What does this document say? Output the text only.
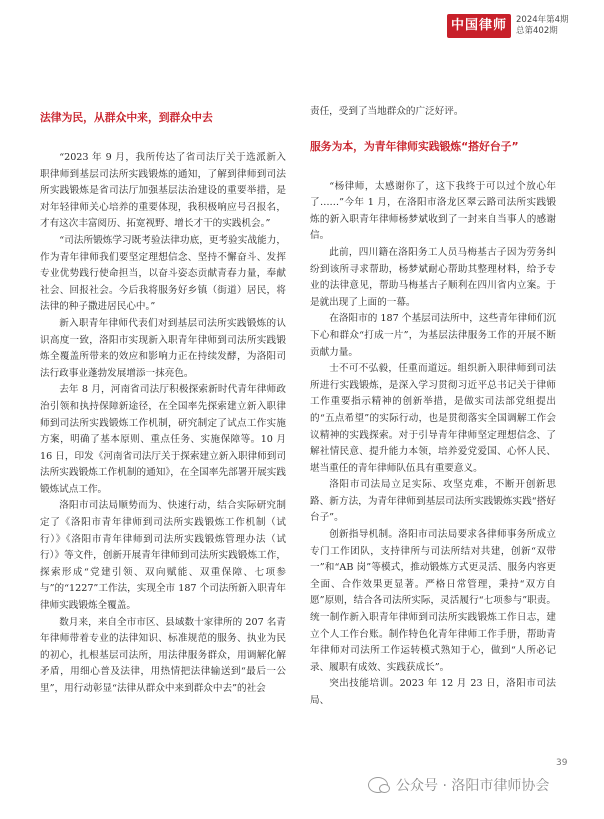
中国律师	2024年第4期
总第402期
法律为民，从群众中来，到群众中去

“2023 年 9 月，我所传达了省司法厅关于选派新入职律师到基层司法所实践锻炼的通知，了解到律师到司法所实践锻炼是省司法厅加强基层法治建设的重要举措，是对年轻律师关心培养的重要体现，我积极响应号召报名，才有这次丰富阅历、拓宽视野、增长才干的实践机会。”

“司法所锻炼学习既考验法律功底，更考验实战能力，作为青年律师我们要坚定理想信念、坚持不懈奋斗、发挥专业优势践行使命担当，以奋斗姿态贡献青春力量，奉献社会、回报社会。今后我将服务好乡镇（街道）居民，将法律的种子撒进居民心中。”

新入职青年律师代表们对到基层司法所实践锻炼的认识高度一致，洛阳市实现新入职青年律师到司法所实践锻炼全覆盖所带来的效应和影响力正在持续发酵，为洛阳司法行政事业蓬勃发展增添一抹亮色。

去年 8 月，河南省司法厅积极探索新时代青年律师政治引领和执持保障新途径，在全国率先探索建立新入职律师到司法所实践锻炼工作机制，研究制定了试点工作实施方案，明确了基本原则、重点任务、实施保障等。10 月 16 日，印发《河南省司法厅关于探索建立新入职律师到司法所实践锻炼工作机制的通知》，在全国率先部署开展实践锻炼试点工作。

洛阳市司法局顺势而为、快速行动，结合实际研究制定了《洛阳市青年律师到司法所实践锻炼工作机制（试行）》《洛阳市青年律师到司法所实践锻炼管理办法（试行）》等文件，创新开展青年律师到司法所实践锻炼工作，探索形成“党建引领、双向赋能、双重保障、七项参与”的“1227”工作法，实现全市 187 个司法所新入职青年律师实践锻炼全覆盖。

数月来，来自全市市区、县域数十家律所的 207 名青年律师带着专业的法律知识、标准规范的服务、执业为民的初心，扎根基层司法所，用法律服务群众，用调解化解矛盾，用细心普及法律，用热情把法律输送到“最后一公里”，用行动彰显“法律从群众中来到群众中去”的社会

责任，受到了当地群众的广泛好评。

服务为本，为青年律师实践锻炼“搭好台子”

“杨律师，太感谢你了，这下我终于可以过个放心年了……”今年 1 月，在洛阳市洛龙区翠云路司法所实践锻炼的新入职青年律师杨梦斌收到了一封来自当事人的感谢信。

此前，四川籍在洛阳务工人员马梅基古子因为劳务纠纷到该所寻求帮助，杨梦斌耐心帮助其整理材料，给予专业的法律意见，帮助马梅基古子顺利在四川省内立案。于是就出现了上面的一幕。

在洛阳市的 187 个基层司法所中，这些青年律师们沉下心和群众“打成一片”，为基层法律服务工作的开展不断贡献力量。

士不可不弘毅，任重而道远。组织新入职律师到司法所进行实践锻炼，是深入学习贯彻习近平总书记关于律师工作重要指示精神的创新举措，是做实司法部党组提出的“五点希望”的实际行动，也是贯彻落实全国调解工作会议精神的实践探索。对于引导青年律师坚定理想信念、了解社情民意、提升能力本领，培养爱党爱国、心怀人民、堪当重任的青年律师队伍具有重要意义。

洛阳市司法局立足实际、攻坚克难，不断开创新思路、新方法，为青年律师到基层司法所实践锻炼实践“搭好台子”。

创新指导机制。洛阳市司法局要求各律师事务所成立专门工作团队，支持律所与司法所结对共建，创新“双带一”和“AB 岗”等模式，推动锻炼方式更灵活、服务内容更全面、合作效果更显著。严格日常管理，秉持“双方自愿”原则，结合各司法所实际，灵活履行“七项参与”职责。统一制作新入职青年律师到司法所实践锻炼工作日志，建立个人工作台账。制作特色化青年律师工作手册，帮助青年律师对司法所工作运转模式熟知于心，做到“人所必记录、履职有成效、实践获成长”。

突出技能培训。2023 年 12 月 23 日，洛阳市司法局、

39
公众号 · 洛阳市律师协会
